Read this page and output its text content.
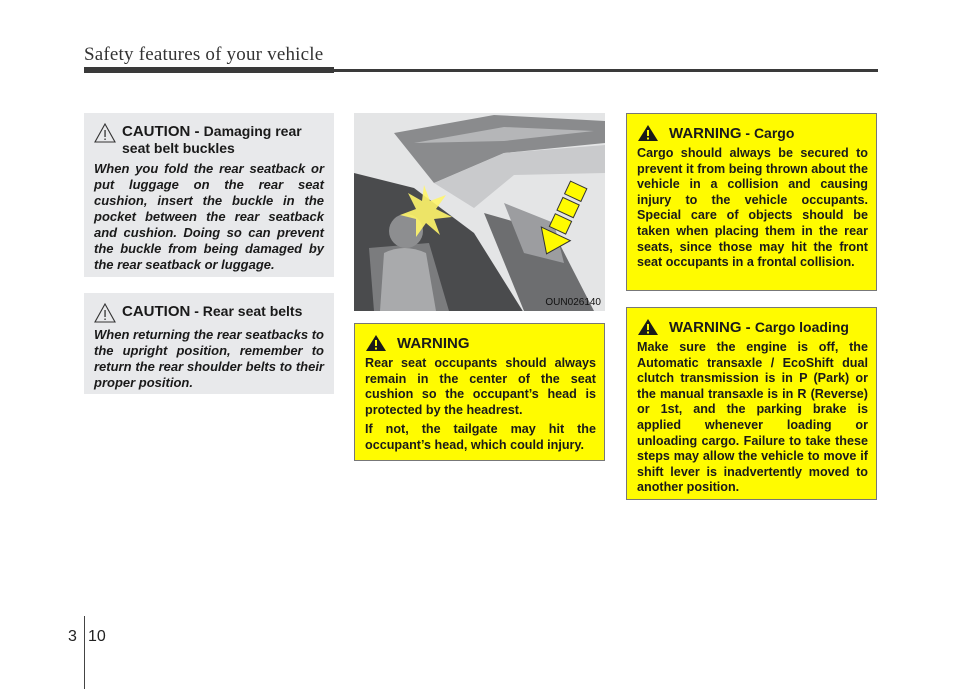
Safety features of your vehicle
CAUTION - Damaging rear seat belt buckles
When you fold the rear seatback or put luggage on the rear seat cushion, insert the buckle in the pocket between the rear seatback and cushion. Doing so can prevent the buckle from being damaged by the rear seatback or luggage.
CAUTION - Rear seat belts
When returning the rear seatbacks to the upright position, remember to return the rear shoulder belts to their proper position.
OUN026140
WARNING

Rear seat occupants should always remain in the center of the seat cushion so the occupant’s head is protected by the headrest.

If not, the tailgate may hit the occupant’s head, which could injury.

WARNING - Cargo
Cargo should always be secured to prevent it from being thrown about the vehicle in a collision and causing injury to the vehicle occupants. Special care of objects should be taken when placing them in the rear seats, since those may hit the front seat occupants in a frontal collision.
WARNING - Cargo loading
Make sure the engine is off, the Automatic transaxle / EcoShift dual clutch transmission is in P (Park) or the manual transaxle is in R (Reverse) or 1st, and the parking brake is applied whenever loading or unloading cargo. Failure to take these steps may allow the vehicle to move if shift lever is inadvertently moved to another position.
3 10
